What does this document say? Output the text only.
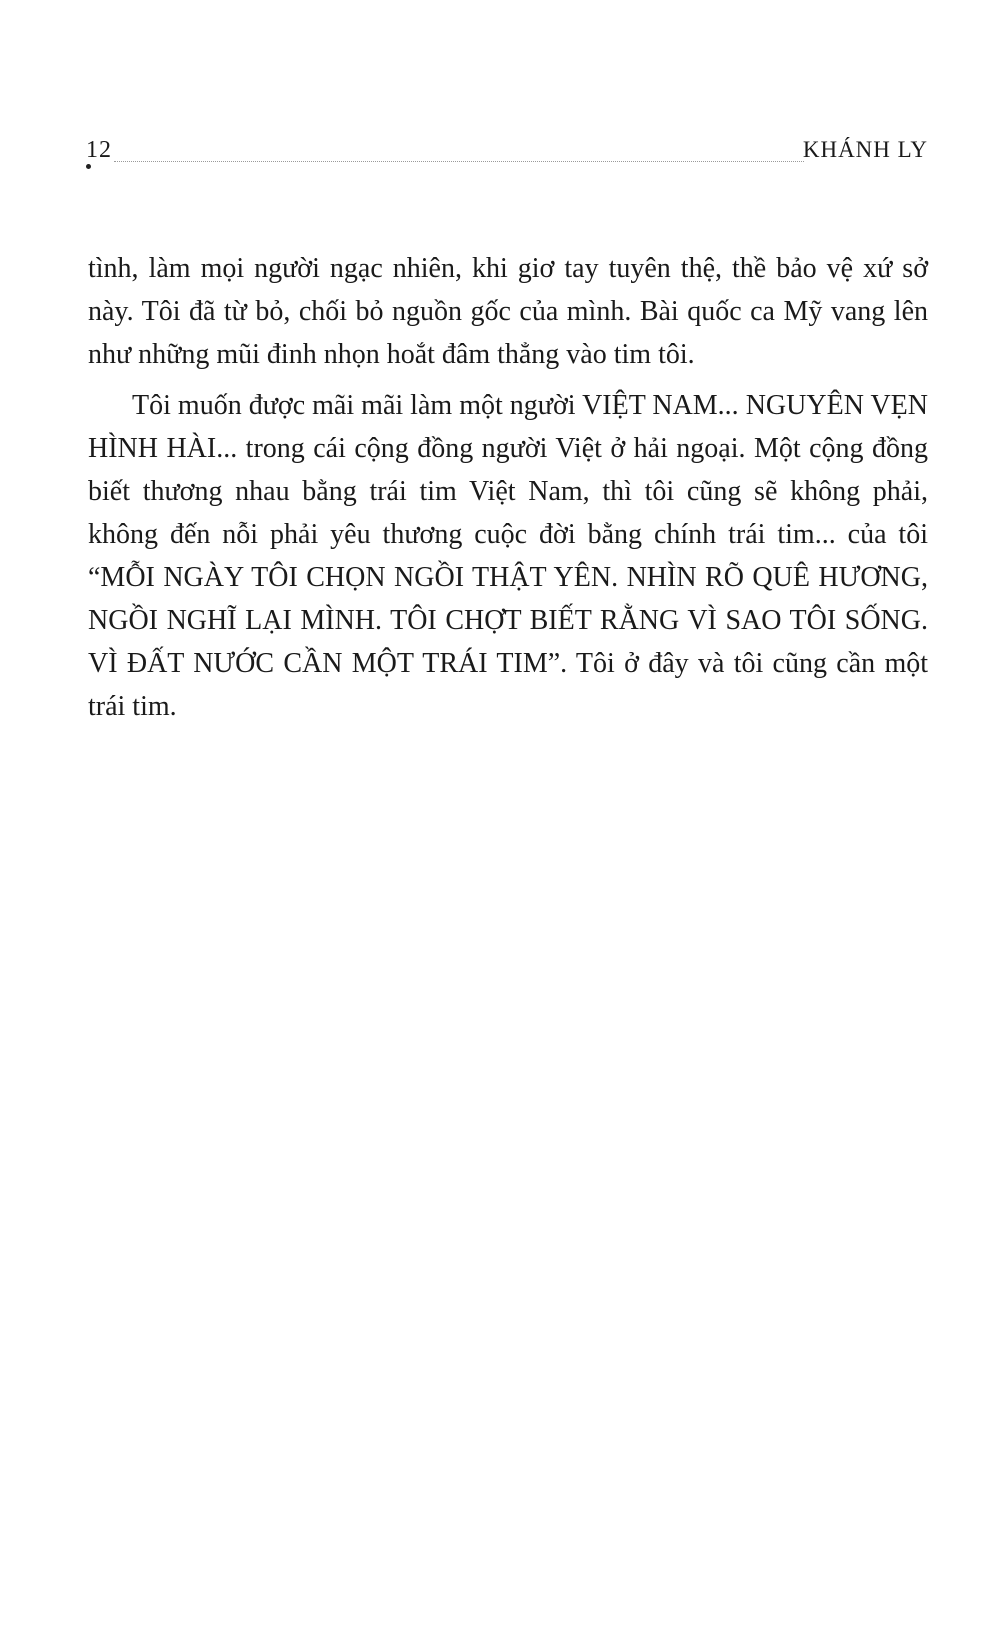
12	KHÁNH LY

tình, làm mọi người ngạc nhiên, khi giơ tay tuyên thệ, thề bảo vệ xứ sở này. Tôi đã từ bỏ, chối bỏ nguồn gốc của mình. Bài quốc ca Mỹ vang lên như những mũi đinh nhọn hoắt đâm thẳng vào tim tôi.

Tôi muốn được mãi mãi làm một người VIỆT NAM... NGUYÊN VẸN HÌNH HÀI... trong cái cộng đồng người Việt ở hải ngoại. Một cộng đồng biết thương nhau bằng trái tim Việt Nam, thì tôi cũng sẽ không phải, không đến nỗi phải yêu thương cuộc đời bằng chính trái tim... của tôi “MỖI NGÀY TÔI CHỌN NGỒI THẬT YÊN. NHÌN RÕ QUÊ HƯƠNG, NGỒI NGHĨ LẠI MÌNH. TÔI CHỢT BIẾT RẰNG VÌ SAO TÔI SỐNG. VÌ ĐẤT NƯỚC CẦN MỘT TRÁI TIM”. Tôi ở đây và tôi cũng cần một trái tim.
